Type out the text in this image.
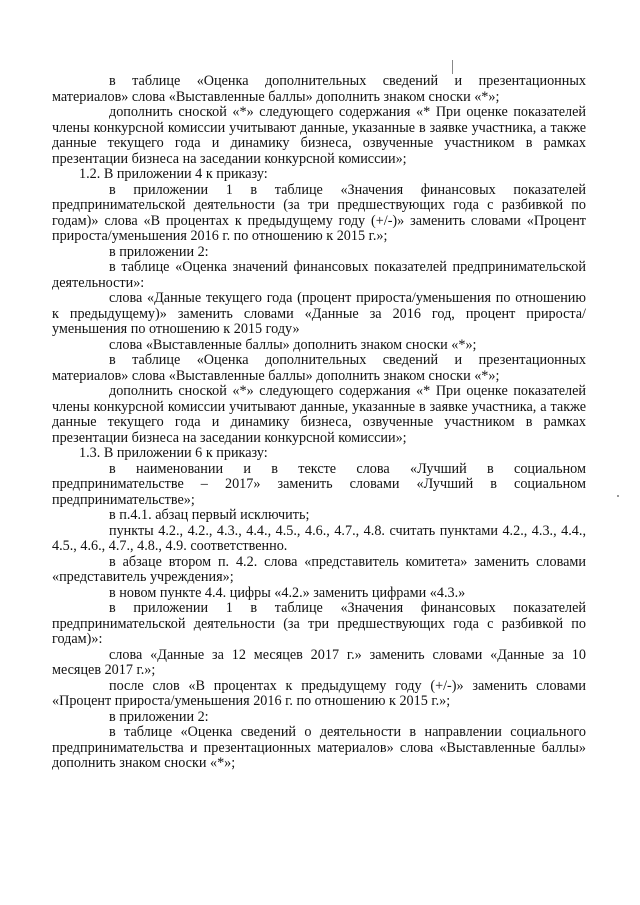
в таблице «Оценка дополнительных сведений и презентационных материалов» слова «Выставленные баллы» дополнить знаком сноски «*»;

дополнить сноской «*» следующего содержания «* При оценке показателей члены конкурсной комиссии учитывают данные, указанные в заявке участника, а также данные текущего года и динамику бизнеса, озвученные участником в рамках презентации бизнеса на заседании конкурсной комиссии»;

1.2. В приложении 4 к приказу:

в приложении 1 в таблице «Значения финансовых показателей предпринимательской деятельности (за три предшествующих года с разбивкой по годам)» слова «В процентах к предыдущему году (+/-)» заменить словами «Процент прироста/уменьшения 2016 г. по отношению к 2015 г.»;

в приложении 2:

в таблице «Оценка значений финансовых показателей предпринимательской деятельности»:

слова «Данные текущего года (процент прироста/уменьшения по отношению к предыдущему)» заменить словами «Данные за 2016 год, процент прироста/уменьшения по отношению к 2015 году»

слова «Выставленные баллы» дополнить знаком сноски «*»;

в таблице «Оценка дополнительных сведений и презентационных материалов» слова «Выставленные баллы» дополнить знаком сноски «*»;

дополнить сноской «*» следующего содержания «* При оценке показателей члены конкурсной комиссии учитывают данные, указанные в заявке участника, а также данные текущего года и динамику бизнеса, озвученные участником в рамках презентации бизнеса на заседании конкурсной комиссии»;

1.3. В приложении 6 к приказу:

в наименовании и в тексте слова «Лучший в социальном предпринимательстве – 2017» заменить словами «Лучший в социальном предпринимательстве»;

в п.4.1. абзац первый исключить;

пункты 4.2., 4.2., 4.3., 4.4., 4.5., 4.6., 4.7., 4.8. считать пунктами 4.2., 4.3., 4.4., 4.5., 4.6., 4.7., 4.8., 4.9. соответственно.

в абзаце втором п. 4.2. слова «представитель комитета» заменить словами «представитель учреждения»;

в новом пункте 4.4. цифры «4.2.» заменить цифрами «4.3.»

в приложении 1 в таблице «Значения финансовых показателей предпринимательской деятельности (за три предшествующих года с разбивкой по годам)»:

слова «Данные за 12 месяцев 2017 г.» заменить словами «Данные за 10 месяцев 2017 г.»;

после слов «В процентах к предыдущему году (+/-)» заменить словами «Процент прироста/уменьшения 2016 г. по отношению к 2015 г.»;

в приложении 2:

в таблице «Оценка сведений о деятельности в направлении социального предпринимательства и презентационных материалов» слова «Выставленные баллы» дополнить знаком сноски «*»;
